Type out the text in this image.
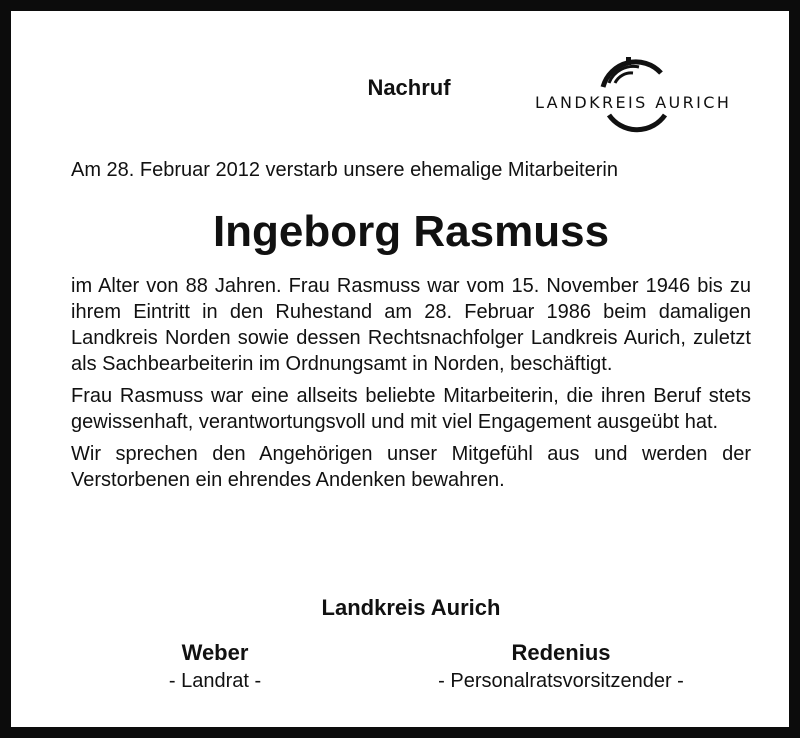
Nachruf
LANDKREIS AURICH
Am 28. Februar 2012 verstarb unsere ehemalige Mitarbeiterin
Ingeborg Rasmuss

im Alter von 88 Jahren. Frau Rasmuss war vom 15. November 1946 bis zu ihrem Eintritt in den Ruhestand am 28. Februar 1986 beim damaligen Landkreis Norden sowie dessen Rechtsnachfolger Landkreis Aurich, zuletzt als Sachbearbeiterin im Ordnungsamt in Norden, beschäftigt.

Frau Rasmuss war eine allseits beliebte Mitarbeiterin, die ihren Beruf stets gewissenhaft, verantwortungsvoll und mit viel Engagement ausgeübt hat.

Wir sprechen den Angehörigen unser Mitgefühl aus und werden der Verstorbenen ein ehrendes Andenken bewahren.

Landkreis Aurich
Weber
- Landrat -
Redenius
- Personalratsvorsitzender -
